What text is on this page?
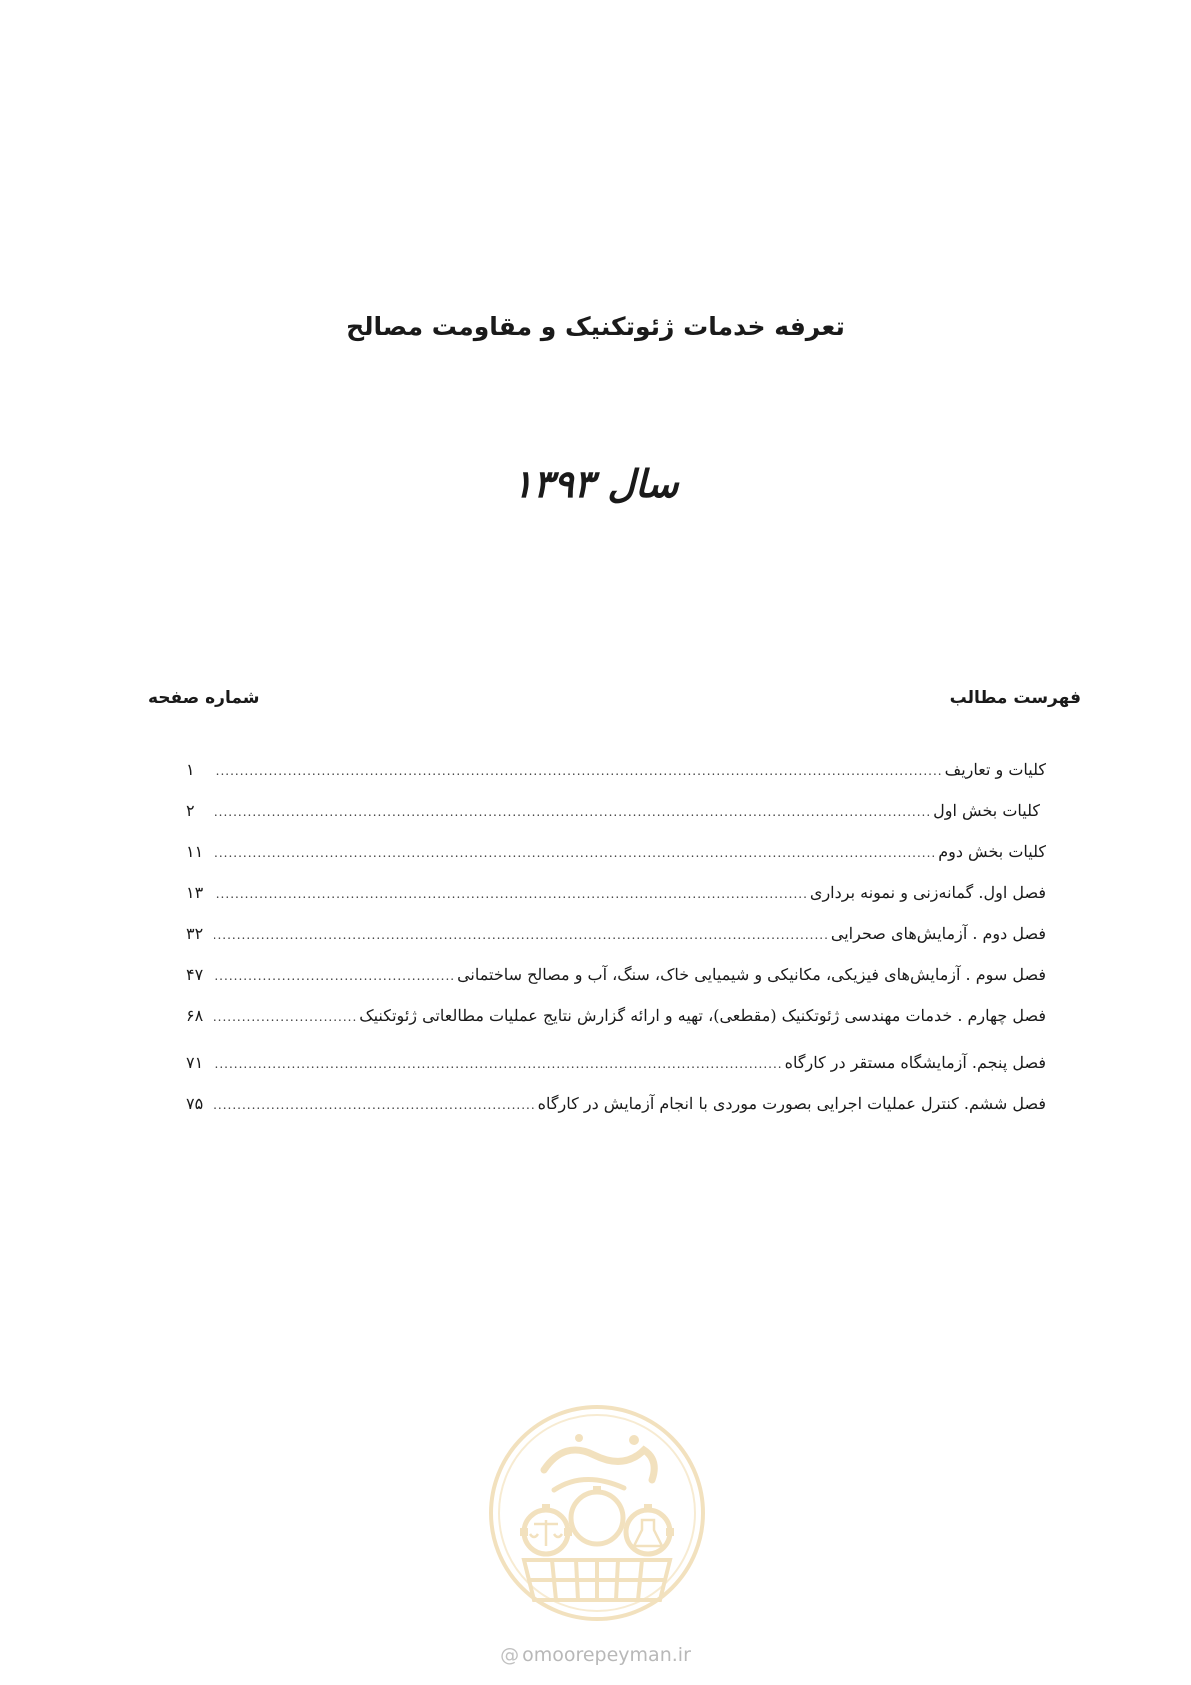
تعرفه خدمات ژئوتکنیک و مقاومت مصالح
سال ۱۳۹۳
فهرست مطالب
شماره صفحه
کلیات و تعاریف
.....
۱
کلیات بخش اول
.....
۲
کلیات بخش دوم
.....
۱۱
فصل اول. گمانه‌زنی و نمونه برداری
.....
۱۳
فصل دوم . آزمایش‌های صحرایی
.....
۳۲
فصل سوم . آزمایش‌های فیزیکی، مکانیکی و شیمیایی خاک، سنگ، آب و مصالح ساختمانی
.....
۴۷
فصل چهارم . خدمات مهندسی ژئوتکنیک (مقطعی)، تهیه و ارائه گزارش نتایج عملیات مطالعاتی ژئوتکنیک
.....
۶۸
فصل پنجم. آزمایشگاه مستقر در کارگاه
.....
۷۱
فصل ششم. کنترل عملیات اجرایی بصورت موردی با انجام آزمایش در کارگاه
.....
۷۵
@ omoorepeyman.ir
